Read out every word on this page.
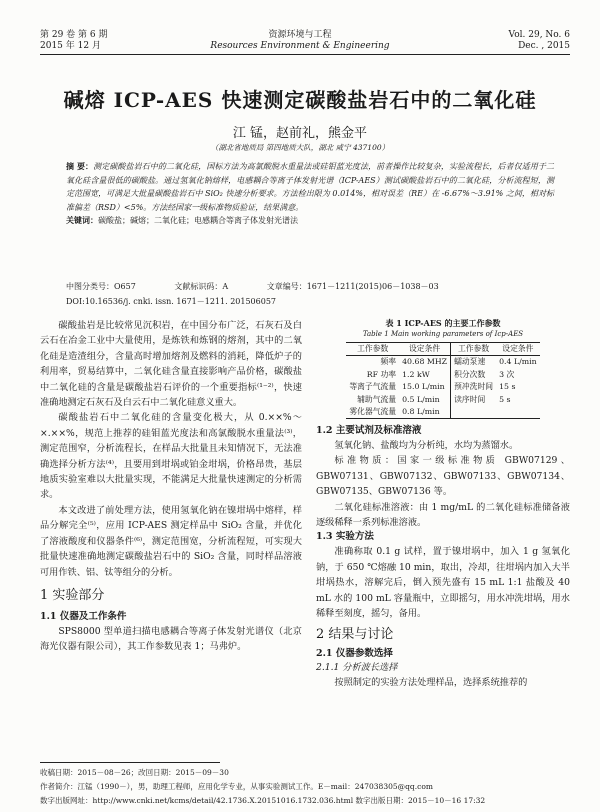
第 29 卷 第 6 期
2015 年 12 月
资源环境与工程
Resources Environment & Engineering
Vol. 29, No. 6
Dec. , 2015
碱熔 ICP-AES 快速测定碳酸盐岩石中的二氧化硅
江 锰，赵前礼，熊金平
（湖北省地质局 第四地质大队，湖北 咸宁 437100）
摘 要：测定碳酸盐岩石中的二氧化硅，国标方法为高氯酸脱水重量法或硅钼蓝光度法，前者操作比较复杂，实验流程长，后者仅适用于二氧化硅含量很低的碳酸盐。通过氢氧化钠熔样，电感耦合等离子体发射光谱（ICP-AES）测试碳酸盐岩石中的二氧化硅，分析流程短，测定范围宽，可满足大批量碳酸盐岩石中 SiO₂ 快速分析要求。方法检出限为 0.014%，相对误差（RE）在 -6.67%～3.91% 之间，相对标准偏差（RSD）<5%。方法经国家一级标准物质验证，结果满意。
关键词：碳酸盐；碱熔；二氧化硅；电感耦合等离子体发射光谱法
中图分类号：O657	文献标识码：A	文章编号：1671－1211(2015)06－1038－03
DOI:10.16536/j. cnki. issn. 1671－1211. 201506057
碳酸盐岩是比较常见沉积岩，在中国分布广泛，石灰石及白云石在冶金工业中大量使用，是炼铁和炼钢的熔剂，其中的二氧化硅是造渣组分，含量高时增加熔剂及燃料的消耗，降低炉子的利用率，贸易结算中，二氧化硅含量直接影响产品价格，碳酸盐中二氧化硅的含量是碳酸盐岩石评价的一个重要指标⁽¹⁻²⁾，快速准确地测定石灰石及白云石中二氧化硅意义重大。
碳酸盐岩石中二氧化硅的含量变化极大，从 0.××%～×.××%，规范上推荐的硅钼蓝光度法和高氯酸脱水重量法⁽³⁾，测定范围窄，分析流程长，在样品大批量且未知情况下，无法准确选择分析方法⁽⁴⁾，且要用到坩埚或铂金坩埚，价格昂贵，基层地质实验室难以大批量实现，不能满足大批量快速测定的分析需求。
本文改进了前处理方法，使用氢氧化钠在镍坩埚中熔样，样品分解完全⁽⁵⁾，应用 ICP-AES 测定样品中 SiO₂ 含量，并优化了溶液酸度和仪器条件⁽⁶⁾，测定范围宽，分析流程短，可实现大批量快速准确地测定碳酸盐岩石中的 SiO₂ 含量，同时样品溶液可用作铁、铝、钛等组分的分析。
1 实验部分
1.1 仪器及工作条件
SPS8000 型单道扫描电感耦合等离子体发射光谱仪（北京海光仪器有限公司），其工作参数见表 1；马弗炉。
表 1 ICP-AES 的主要工作参数
Table 1 Main working parameters of Icp-AES
工作参数	设定条件	工作参数	设定条件
频率	40.68 MHZ	蠕动泵速	0.4 L/min
RF 功率	1.2 kW	积分次数	3 次
等离子气流量	15.0 L/min	预冲洗时间	15 s
辅助气流量	0.5 L/min	读序时间	5 s
雾化器气流量	0.8 L/min		
1.2 主要试剂及标准溶液
氢氧化钠、盐酸均为分析纯，水均为蒸馏水。
标准物质：国家一级标准物质 GBW07129、GBW07131、GBW07132、GBW07133、GBW07134、GBW07135、GBW07136 等。
二氧化硅标准溶液：由 1 mg/mL 的二氧化硅标准储备液逐级稀释一系列标准溶液。
1.3 实验方法
准确称取 0.1 g 试样，置于镍坩埚中，加入 1 g 氢氧化钠，于 650 ℃熔融 10 min，取出，冷却，往坩埚内加入大半坩埚热水，溶解完后，倒入预先盛有 15 mL 1:1 盐酸及 40 mL 水的 100 mL 容量瓶中，立即摇匀，用水冲洗坩埚，用水稀释至刻度，摇匀，备用。
2 结果与讨论
2.1 仪器参数选择
2.1.1 分析波长选择
按照制定的实验方法处理样品，选择系统推荐的
收稿日期：2015－08－26；改回日期：2015－09－30
作者简介：江锰（1990－），男，助理工程师，应用化学专业，从事实验测试工作。E－mail：247038305@qq.com
数字出版网址：http://www.cnki.net/kcms/detail/42.1736.X.20151016.1732.036.html 数字出版日期：2015－10－16 17:32
